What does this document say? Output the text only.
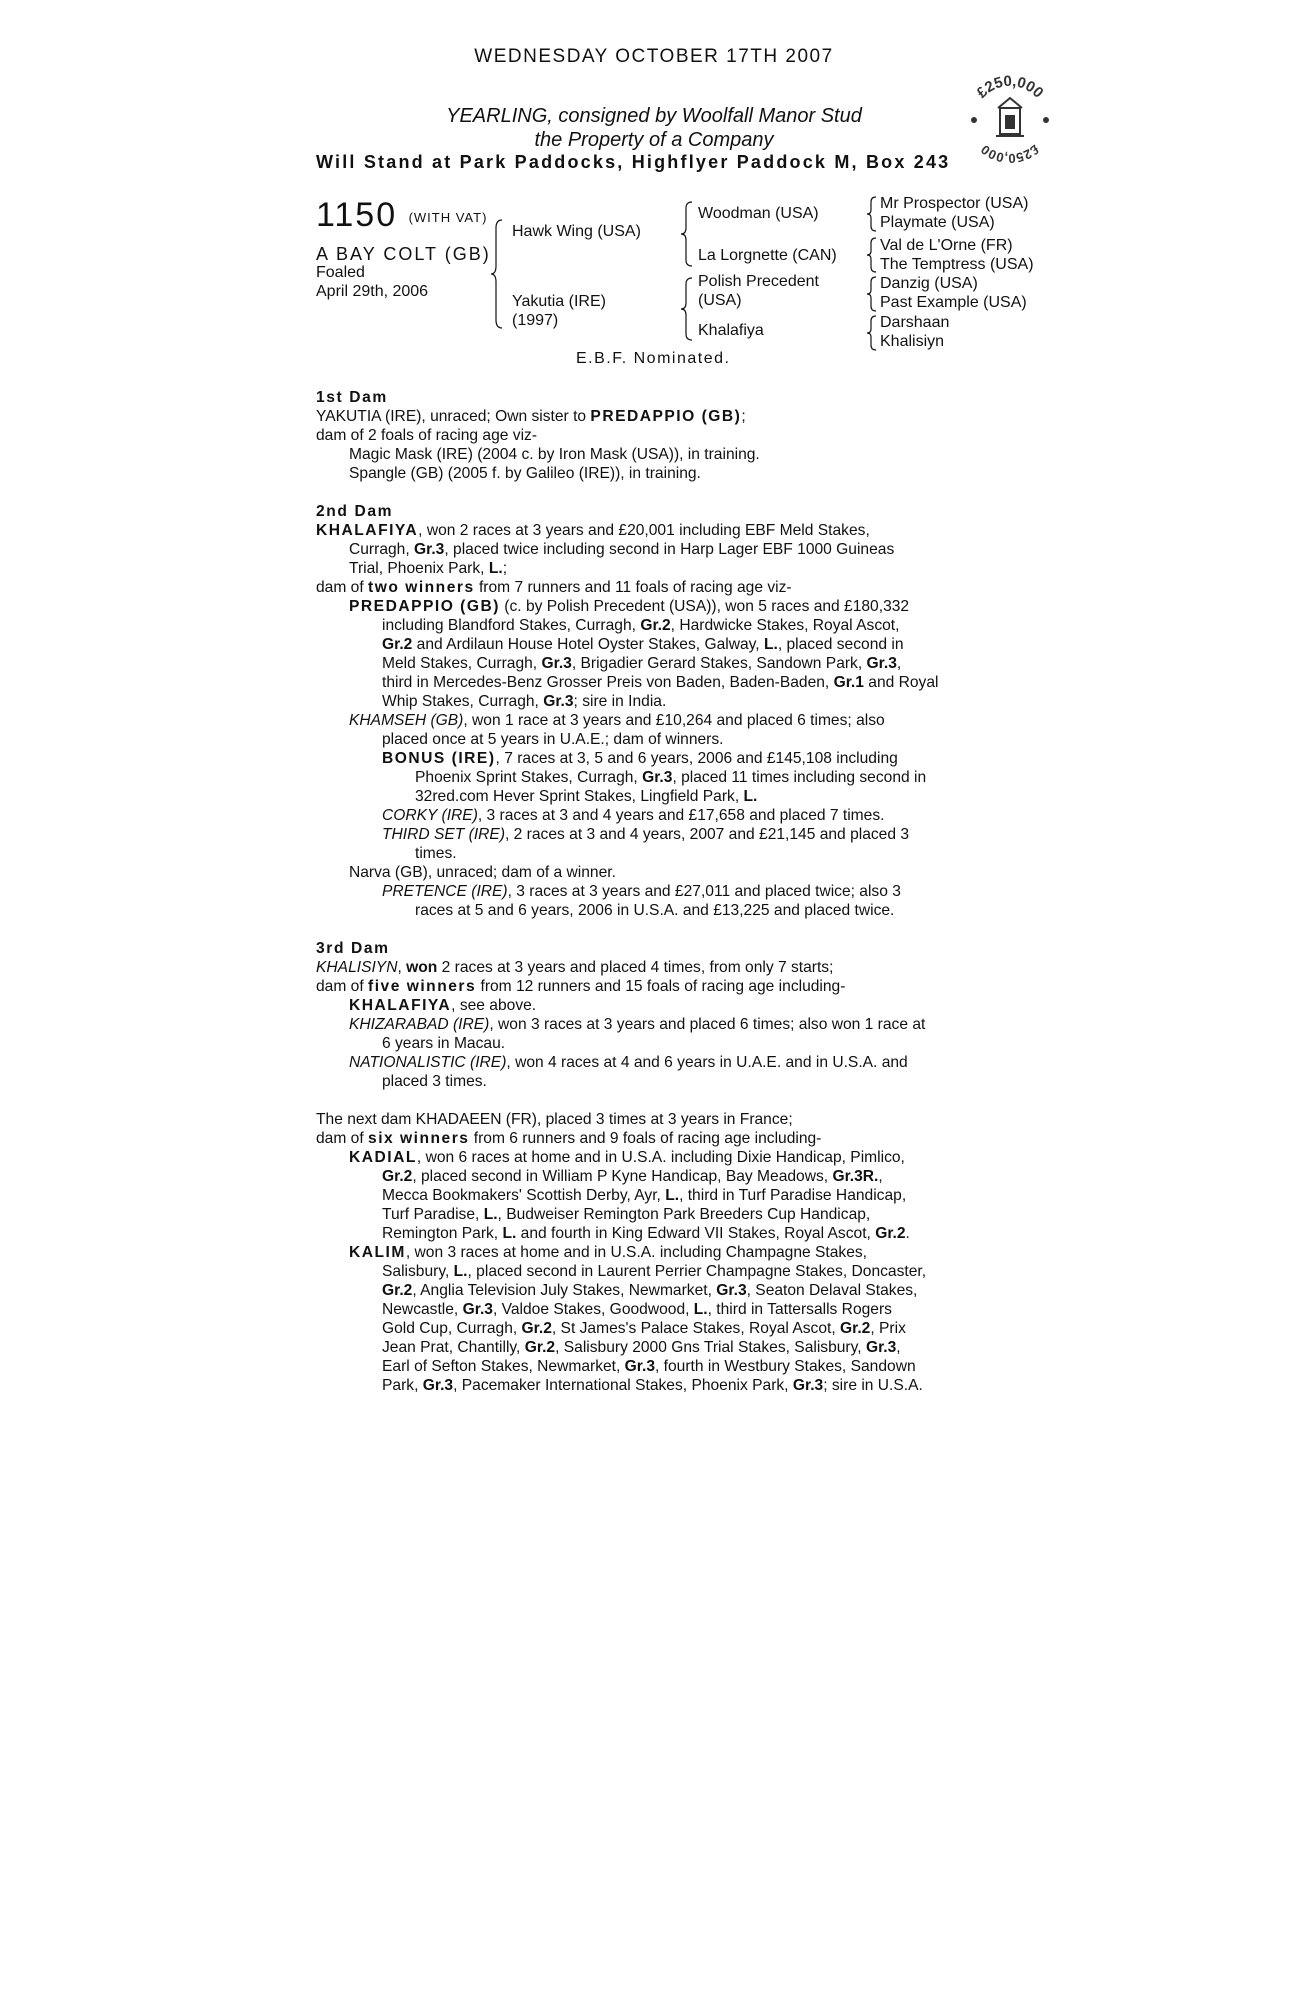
WEDNESDAY OCTOBER 17TH 2007
YEARLING, consigned by Woolfall Manor Stud
the Property of a Company
Will Stand at Park Paddocks, Highflyer Paddock M, Box 243
£250,000
£250,000
1150 (WITH VAT)
A BAY COLT (GB)
Foaled
April 29th, 2006
Hawk Wing (USA)
Yakutia (IRE)
(1997)
Woodman (USA)
La Lorgnette (CAN)
Polish Precedent
(USA)
Khalafiya
Mr Prospector (USA)
Playmate (USA)
Val de L'Orne (FR)
The Temptress (USA)
Danzig (USA)
Past Example (USA)
Darshaan
Khalisiyn
E.B.F. Nominated.

1st Dam

YAKUTIA (IRE), unraced; Own sister to PREDAPPIO (GB);

dam of 2 foals of racing age viz-

Magic Mask (IRE) (2004 c. by Iron Mask (USA)), in training.

Spangle (GB) (2005 f. by Galileo (IRE)), in training.

2nd Dam

KHALAFIYA, won 2 races at 3 years and £20,001 including EBF Meld Stakes,

Curragh, Gr.3, placed twice including second in Harp Lager EBF 1000 Guineas

Trial, Phoenix Park, L.;

dam of two winners from 7 runners and 11 foals of racing age viz-

PREDAPPIO (GB) (c. by Polish Precedent (USA)), won 5 races and £180,332

including Blandford Stakes, Curragh, Gr.2, Hardwicke Stakes, Royal Ascot,

Gr.2 and Ardilaun House Hotel Oyster Stakes, Galway, L., placed second in

Meld Stakes, Curragh, Gr.3, Brigadier Gerard Stakes, Sandown Park, Gr.3,

third in Mercedes-Benz Grosser Preis von Baden, Baden-Baden, Gr.1 and Royal

Whip Stakes, Curragh, Gr.3; sire in India.

KHAMSEH (GB), won 1 race at 3 years and £10,264 and placed 6 times; also

placed once at 5 years in U.A.E.; dam of winners.

BONUS (IRE), 7 races at 3, 5 and 6 years, 2006 and £145,108 including

Phoenix Sprint Stakes, Curragh, Gr.3, placed 11 times including second in

32red.com Hever Sprint Stakes, Lingfield Park, L.

CORKY (IRE), 3 races at 3 and 4 years and £17,658 and placed 7 times.

THIRD SET (IRE), 2 races at 3 and 4 years, 2007 and £21,145 and placed 3

times.

Narva (GB), unraced; dam of a winner.

PRETENCE (IRE), 3 races at 3 years and £27,011 and placed twice; also 3

races at 5 and 6 years, 2006 in U.S.A. and £13,225 and placed twice.

3rd Dam

KHALISIYN, won 2 races at 3 years and placed 4 times, from only 7 starts;

dam of five winners from 12 runners and 15 foals of racing age including-

KHALAFIYA, see above.

KHIZARABAD (IRE), won 3 races at 3 years and placed 6 times; also won 1 race at

6 years in Macau.

NATIONALISTIC (IRE), won 4 races at 4 and 6 years in U.A.E. and in U.S.A. and

placed 3 times.

The next dam KHADAEEN (FR), placed 3 times at 3 years in France;

dam of six winners from 6 runners and 9 foals of racing age including-

KADIAL, won 6 races at home and in U.S.A. including Dixie Handicap, Pimlico,

Gr.2, placed second in William P Kyne Handicap, Bay Meadows, Gr.3R.,

Mecca Bookmakers' Scottish Derby, Ayr, L., third in Turf Paradise Handicap,

Turf Paradise, L., Budweiser Remington Park Breeders Cup Handicap,

Remington Park, L. and fourth in King Edward VII Stakes, Royal Ascot, Gr.2.

KALIM, won 3 races at home and in U.S.A. including Champagne Stakes,

Salisbury, L., placed second in Laurent Perrier Champagne Stakes, Doncaster,

Gr.2, Anglia Television July Stakes, Newmarket, Gr.3, Seaton Delaval Stakes,

Newcastle, Gr.3, Valdoe Stakes, Goodwood, L., third in Tattersalls Rogers

Gold Cup, Curragh, Gr.2, St James's Palace Stakes, Royal Ascot, Gr.2, Prix

Jean Prat, Chantilly, Gr.2, Salisbury 2000 Gns Trial Stakes, Salisbury, Gr.3,

Earl of Sefton Stakes, Newmarket, Gr.3, fourth in Westbury Stakes, Sandown

Park, Gr.3, Pacemaker International Stakes, Phoenix Park, Gr.3; sire in U.S.A.
